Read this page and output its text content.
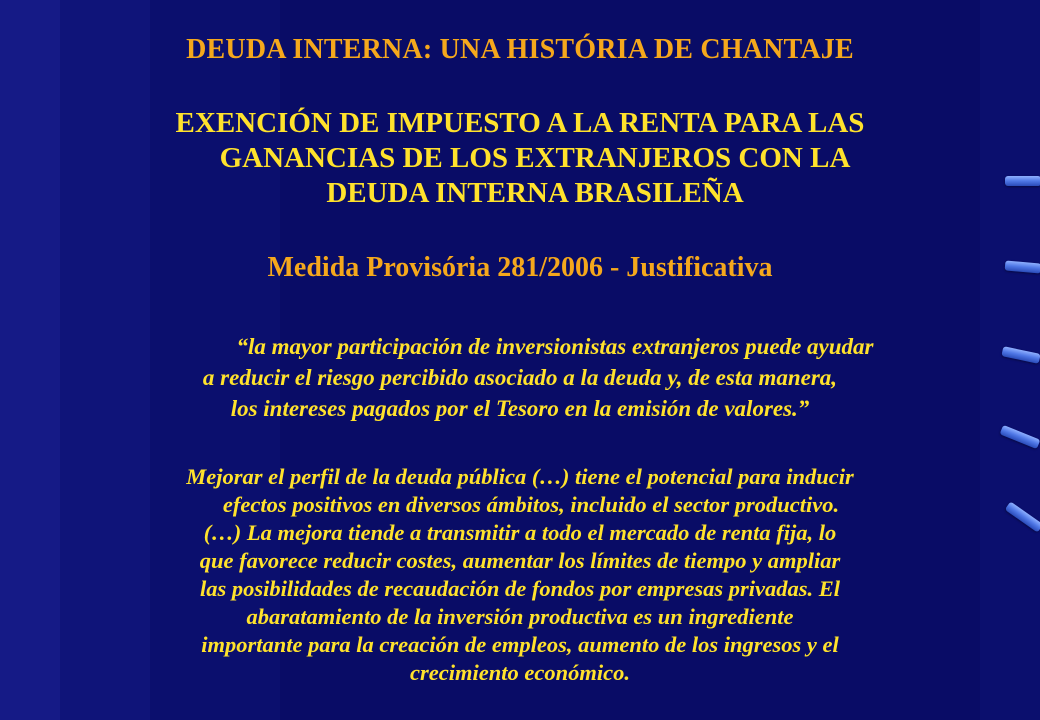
DEUDA INTERNA: UNA HISTÓRIA DE CHANTAJE

EXENCIÓN DE IMPUESTO A LA RENTA PARA LAS

GANANCIAS DE LOS EXTRANJEROS CON LA

DEUDA INTERNA BRASILEÑA

Medida Provisória 281/2006 - Justificativa

“la mayor participación de inversionistas extranjeros puede ayudar

a reducir el riesgo percibido asociado a la deuda y, de esta manera,

los intereses pagados por el Tesoro en la emisión de valores.”

Mejorar el perfil de la deuda pública (…) tiene el potencial para inducir

efectos positivos en diversos ámbitos, incluido el sector productivo.

(…) La mejora tiende a transmitir a todo el mercado de renta fija, lo

que favorece reducir costes, aumentar los límites de tiempo y ampliar

las posibilidades de recaudación de fondos por empresas privadas. El

abaratamiento de la inversión productiva es un ingrediente

importante para la creación de empleos, aumento de los ingresos y el

crecimiento económico.
